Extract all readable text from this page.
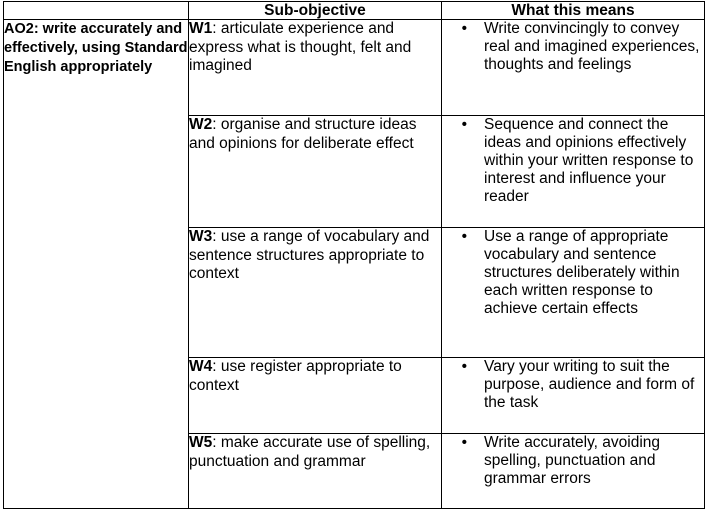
	Sub-objective	What this means
AO2: write accurately and effectively, using Standard English appropriately	W1: articulate experience and express what is thought, felt and imagined	• Write convincingly to convey real and imagined experiences, thoughts and feelings

	W2: organise and structure ideas and opinions for deliberate effect	• Sequence and connect the ideas and opinions effectively within your written response to interest and influence your reader

	W3: use a range of vocabulary and sentence structures appropriate to context	• Use a range of appropriate vocabulary and sentence structures deliberately within each written response to achieve certain effects

	W4: use register appropriate to context	• Vary your writing to suit the purpose, audience and form of the task

	W5: make accurate use of spelling, punctuation and grammar	• Write accurately, avoiding spelling, punctuation and grammar errors
